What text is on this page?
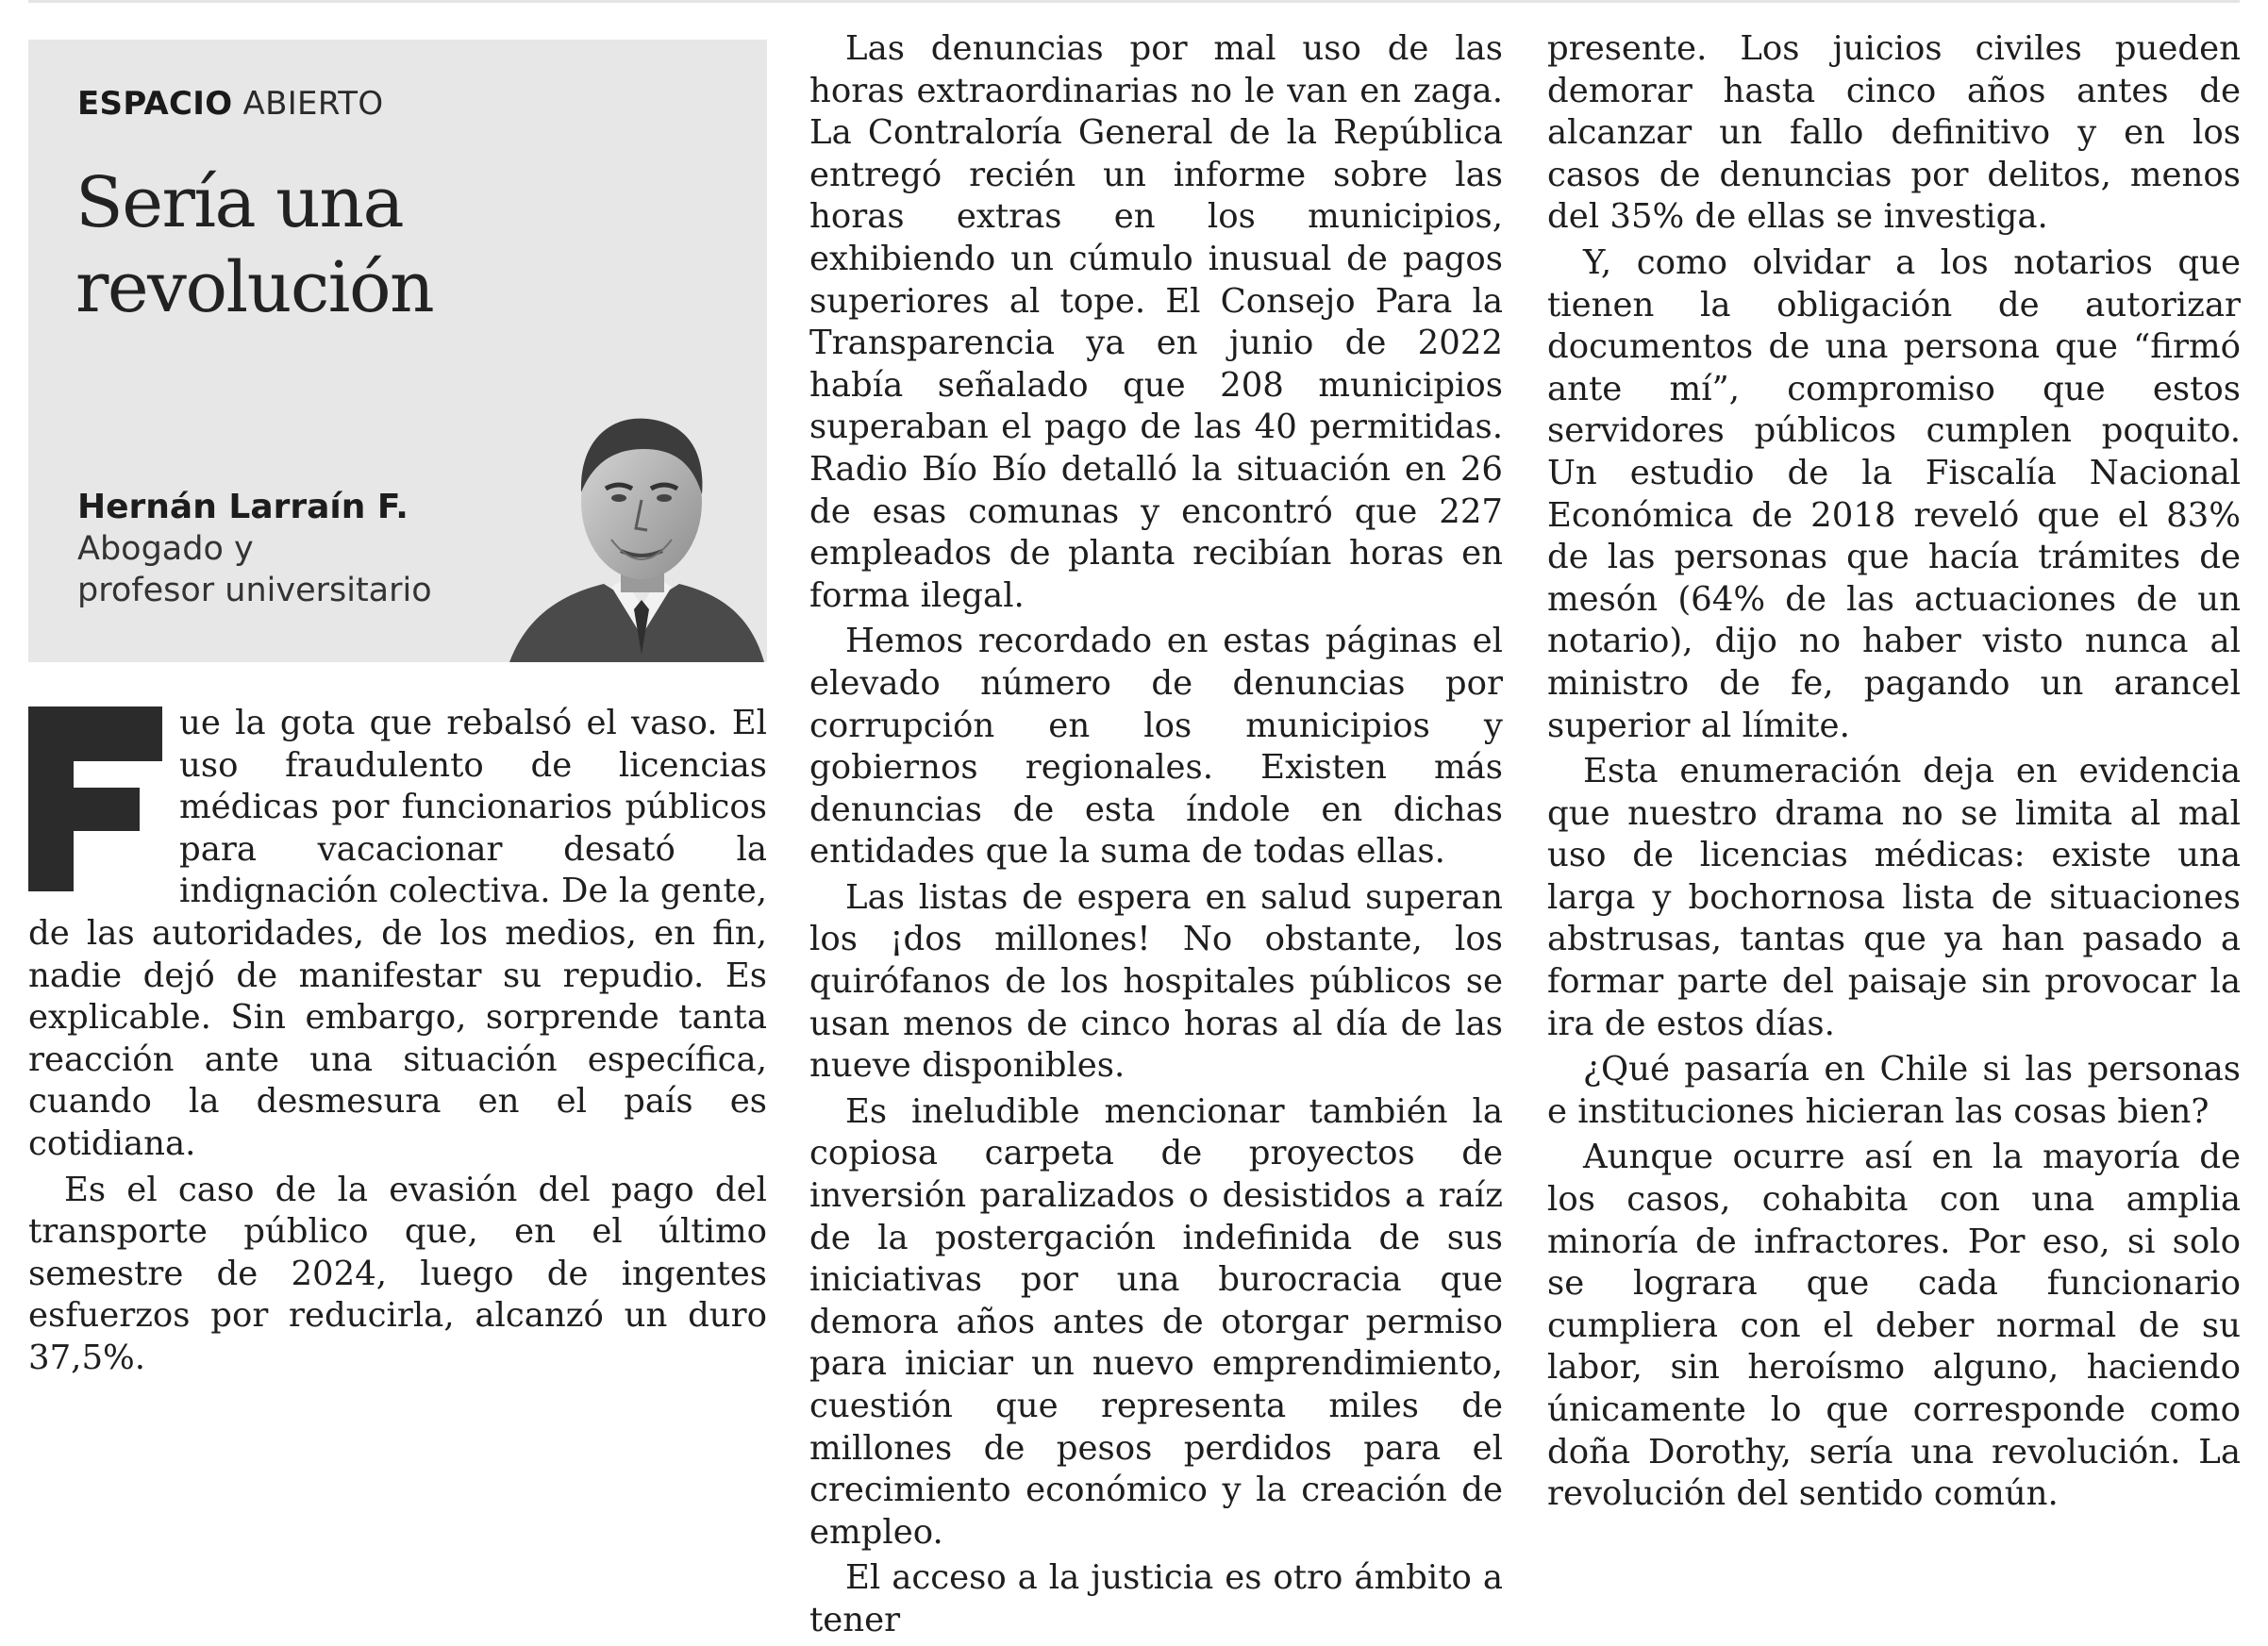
ESPACIO ABIERTO
Sería una
revolución
Hernán Larraín F.
Abogado y
profesor universitario

ue la gota que rebalsó el vaso. El uso fraudulento de licencias médicas por funcionarios públicos para vacacionar desató la indignación colectiva. De la gente, de las autoridades, de los medios, en fin, nadie dejó de manifestar su repudio. Es explicable. Sin embargo, sorprende tanta reacción ante una situación específica, cuando la desmesura en el país es cotidiana.

Es el caso de la evasión del pago del transporte público que, en el último semestre de 2024, luego de ingentes esfuerzos por reducirla, alcanzó un duro 37,5%.

Las denuncias por mal uso de las horas extraordinarias no le van en zaga. La Contraloría General de la República entregó recién un informe sobre las horas extras en los municipios, exhibiendo un cúmulo inusual de pagos superiores al tope. El Consejo Para la Transparencia ya en junio de 2022 había señalado que 208 municipios superaban el pago de las 40 permitidas. Radio Bío Bío detalló la situación en 26 de esas comunas y encontró que 227 empleados de planta recibían horas en forma ilegal.

Hemos recordado en estas páginas el elevado número de denuncias por corrupción en los municipios y gobiernos regionales. Existen más denuncias de esta índole en dichas entidades que la suma de todas ellas.

Las listas de espera en salud superan los ¡dos millones! No obstante, los quirófanos de los hospitales públicos se usan menos de cinco horas al día de las nueve disponibles.

Es ineludible mencionar también la copiosa carpeta de proyectos de inversión paralizados o desistidos a raíz de la postergación indefinida de sus iniciativas por una burocracia que demora años antes de otorgar permiso para iniciar un nuevo emprendimiento, cuestión que representa miles de millones de pesos perdidos para el crecimiento económico y la creación de empleo.

El acceso a la justicia es otro ámbito a tener

presente. Los juicios civiles pueden demorar hasta cinco años antes de alcanzar un fallo definitivo y en los casos de denuncias por delitos, menos del 35% de ellas se investiga.

Y, como olvidar a los notarios que tienen la obligación de autorizar documentos de una persona que “firmó ante mí”, compromiso que estos servidores públicos cumplen poquito. Un estudio de la Fiscalía Nacional Económica de 2018 reveló que el 83% de las personas que hacía trámites de mesón (64% de las actuaciones de un notario), dijo no haber visto nunca al ministro de fe, pagando un arancel superior al límite.

Esta enumeración deja en evidencia que nuestro drama no se limita al mal uso de licencias médicas: existe una larga y bochornosa lista de situaciones abstrusas, tantas que ya han pasado a formar parte del paisaje sin provocar la ira de estos días.

¿Qué pasaría en Chile si las personas e instituciones hicieran las cosas bien?

Aunque ocurre así en la mayoría de los casos, cohabita con una amplia minoría de infractores. Por eso, si solo se lograra que cada funcionario cumpliera con el deber normal de su labor, sin heroísmo alguno, haciendo únicamente lo que corresponde como doña Dorothy, sería una revolución. La revolución del sentido común.
